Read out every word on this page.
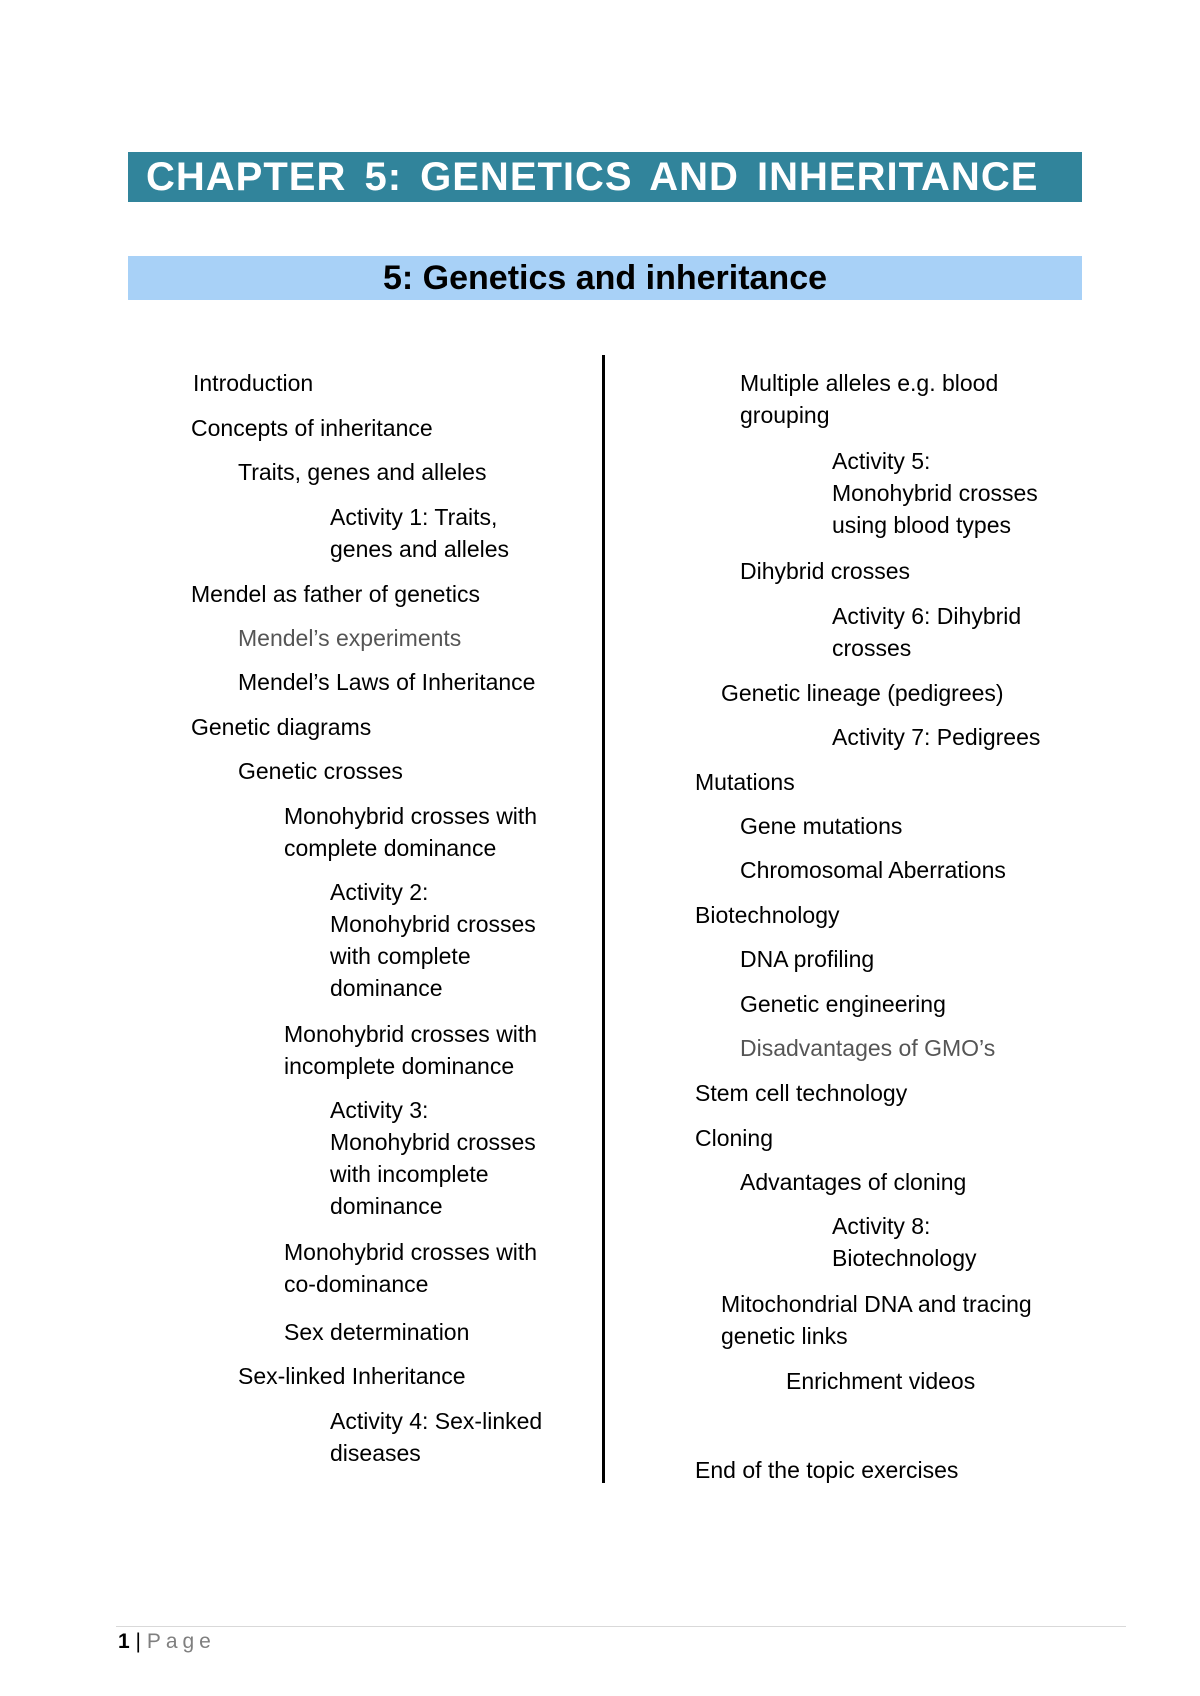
CHAPTER 5: GENETICS AND INHERITANCE
5: Genetics and inheritance
Introduction
Concepts of inheritance
Traits, genes and alleles
Activity 1: Traits,
genes and alleles
Mendel as father of genetics
Mendel’s experiments
Mendel’s Laws of Inheritance
Genetic diagrams
Genetic crosses
Monohybrid crosses with
complete dominance
Activity 2:
Monohybrid crosses
with complete
dominance
Monohybrid crosses with
incomplete dominance
Activity 3:
Monohybrid crosses
with incomplete
dominance
Monohybrid crosses with
co-dominance
Sex determination
Sex-linked Inheritance
Activity 4: Sex-linked
diseases
Multiple alleles e.g. blood
grouping
Activity 5:
Monohybrid crosses
using blood types
Dihybrid crosses
Activity 6: Dihybrid
crosses
Genetic lineage (pedigrees)
Activity 7: Pedigrees
Mutations
Gene mutations
Chromosomal Aberrations
Biotechnology
DNA profiling
Genetic engineering
Disadvantages of GMO’s
Stem cell technology
Cloning
Advantages of cloning
Activity 8:
Biotechnology
Mitochondrial DNA and tracing
genetic links
Enrichment videos
End of the topic exercises
1 | Page
